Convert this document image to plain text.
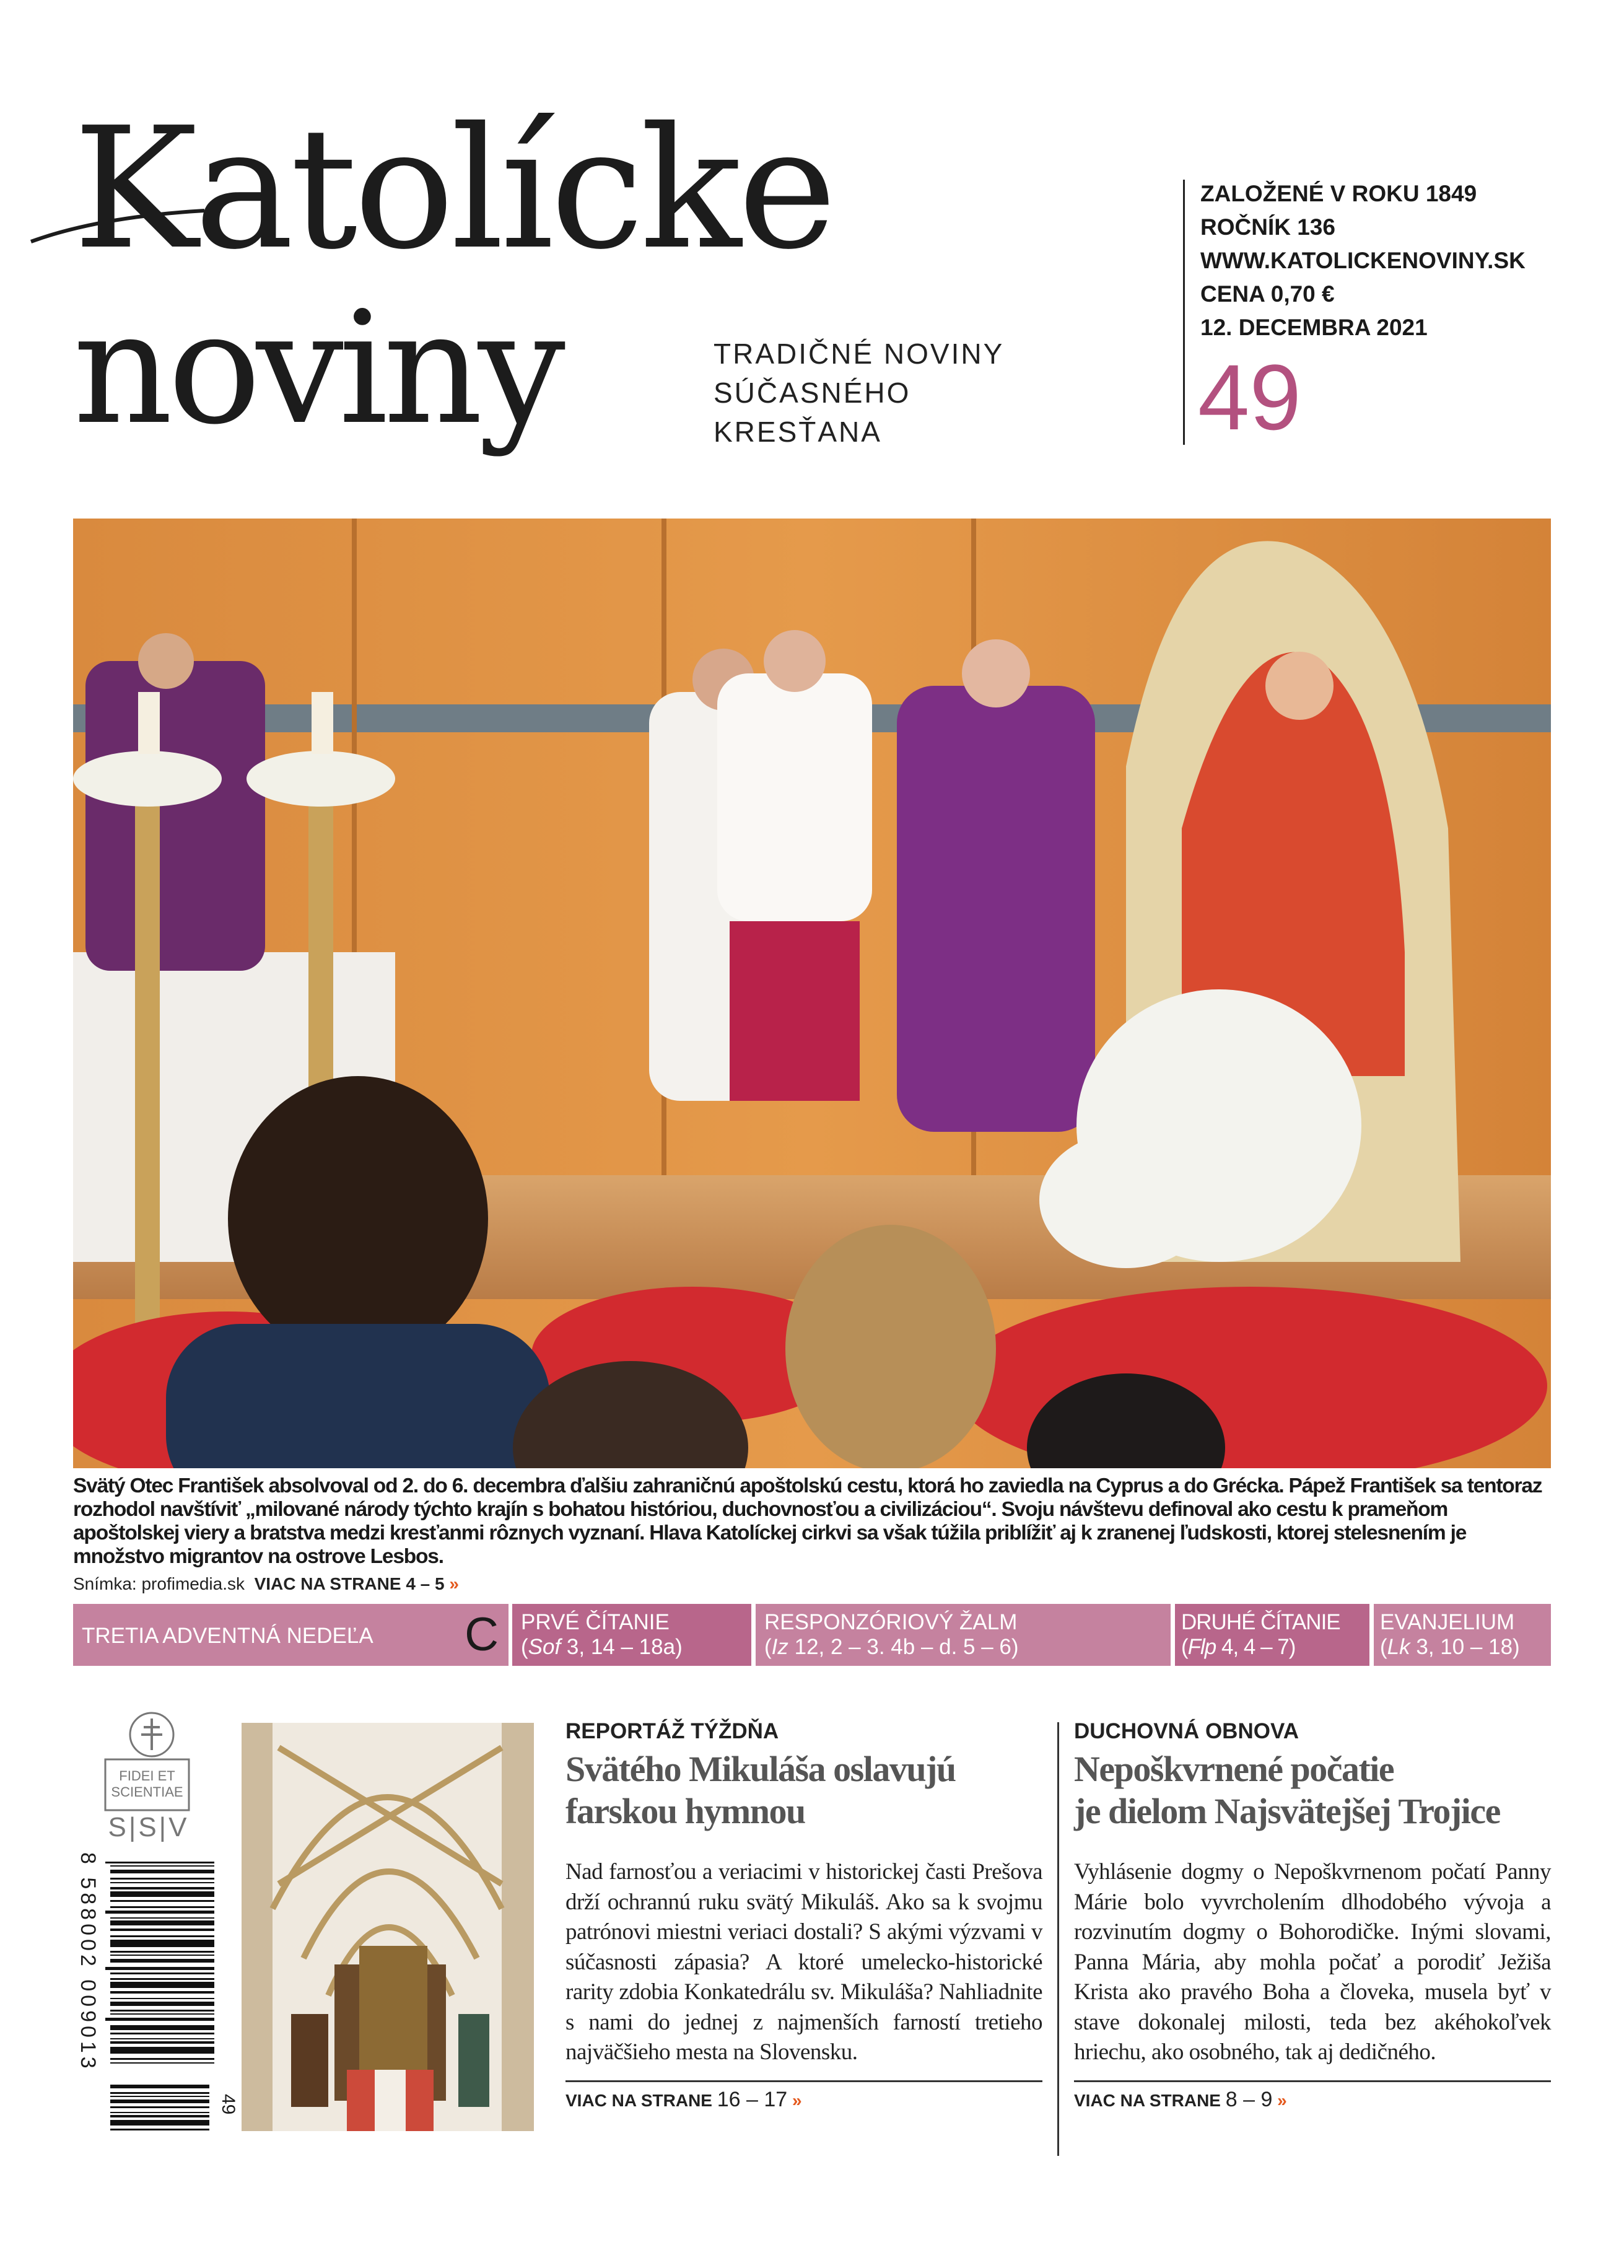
Katolícke
noviny	TRADIČNÉ NOVINY
SÚČASNÉHO
KRESŤANA
ZALOŽENÉ V ROKU 1849
ROČNÍK 136
WWW.KATOLICKENOVINY.SK
CENA 0,70 €
12. DECEMBRA 2021
49
Svätý Otec František absolvoval od 2. do 6. decembra ďalšiu zahraničnú apoštolskú cestu, ktorá ho zaviedla na Cyprus a do Grécka. Pápež František sa tentoraz rozhodol navštíviť „milované národy týchto krajín s bohatou históriou, duchovnosťou a civilizáciou“. Svoju návštevu definoval ako cestu k prameňom apoštolskej viery a bratstva medzi kresťanmi rôznych vyznaní. Hlava Katolíckej cirkvi sa však túžila priblížiť aj k zranenej ľudskosti, ktorej stelesnením je množstvo migrantov na ostrove Lesbos.
Snímka: profimedia.sk VIAC NA STRANE 4 – 5 »
TRETIA ADVENTNÁ NEDEĽA C PRVÉ ČÍTANIE
(Sof 3, 14 – 18a)
RESPONZÓRIOVÝ ŽALM
(Iz 12, 2 – 3. 4b – d. 5 – 6)
DRUHÉ ČÍTANIE
(Flp 4, 4 – 7)
EVANJELIUM
(Lk 3, 10 – 18)
FIDEI ET
SCIENTIAE
S|S|V
8 588002 009013
49
REPORTÁŽ TÝŽDŇA
Svätého Mikuláša oslavujú
farskou hymnou
Nad farnosťou a veriacimi v historickej časti Prešova drží ochrannú ruku svätý Mikuláš. Ako sa k svojmu patrónovi miestni veriaci dostali? S akými výzvami v súčasnosti zápasia? A ktoré umelecko-historické rarity zdobia Konkatedrálu sv. Mikuláša? Nahliadnite s nami do jednej z najmenších farností tretieho najväčšieho mesta na Slovensku.
VIAC NA STRANE 16 – 17 »
DUCHOVNÁ OBNOVA
Nepoškvrnené počatie
je dielom Najsvätejšej Trojice
Vyhlásenie dogmy o Nepoškvrnenom počatí Panny Márie bolo vyvrcholením dlhodobého vývoja a rozvinutím dogmy o Bohorodičke. Inými slovami, Panna Mária, aby mohla počať a porodiť Ježiša Krista ako pravého Boha a človeka, musela byť v stave dokonalej milosti, teda bez akéhokoľvek hriechu, ako osobného, tak aj dedičného.
VIAC NA STRANE 8 – 9 »
